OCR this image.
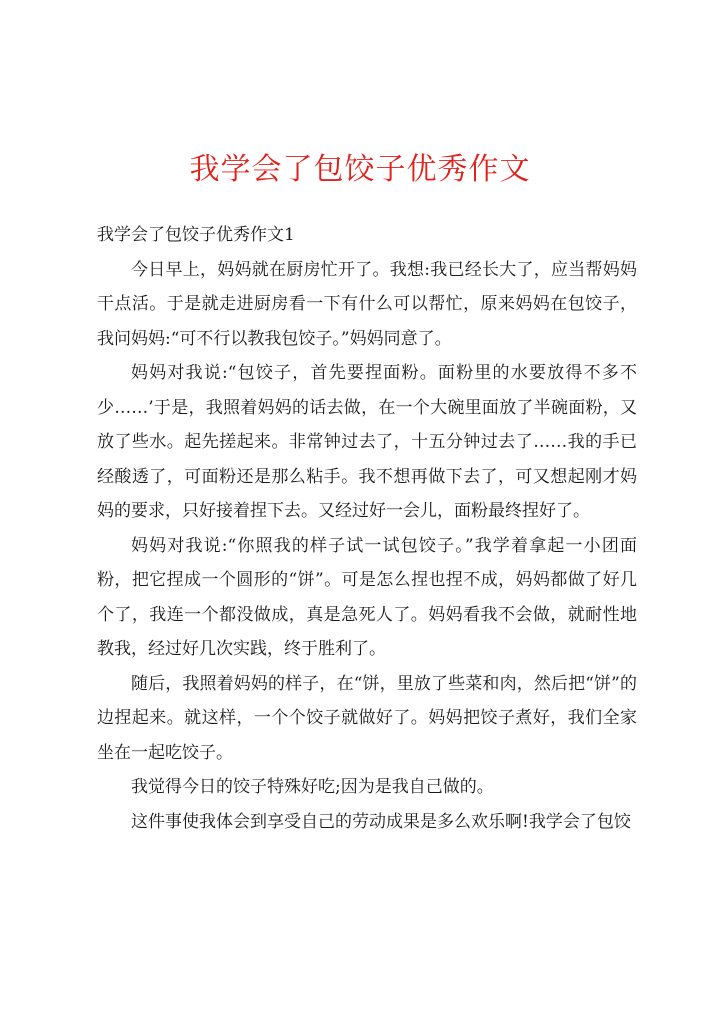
我学会了包饺子优秀作文

我学会了包饺子优秀作文1

今日早上，妈妈就在厨房忙开了。我想:我已经长大了，应当帮妈妈干点活。于是就走进厨房看一下有什么可以帮忙，原来妈妈在包饺子，我问妈妈:“可不行以教我包饺子。”妈妈同意了。

妈妈对我说:“包饺子，首先要捏面粉。面粉里的水要放得不多不少……’于是，我照着妈妈的话去做，在一个大碗里面放了半碗面粉，又放了些水。起先搓起来。非常钟过去了，十五分钟过去了……我的手已经酸透了，可面粉还是那么粘手。我不想再做下去了，可又想起刚才妈妈的要求，只好接着捏下去。又经过好一会儿，面粉最终捏好了。

妈妈对我说:“你照我的样子试一试包饺子。”我学着拿起一小团面粉，把它捏成一个圆形的“饼”。可是怎么捏也捏不成，妈妈都做了好几个了，我连一个都没做成，真是急死人了。妈妈看我不会做，就耐性地教我，经过好几次实践，终于胜利了。

随后，我照着妈妈的样子，在“饼，里放了些菜和肉，然后把“饼”的边捏起来。就这样，一个个饺子就做好了。妈妈把饺子煮好，我们全家坐在一起吃饺子。

我觉得今日的饺子特殊好吃;因为是我自己做的。

这件事使我体会到享受自己的劳动成果是多么欢乐啊!我学会了包饺
